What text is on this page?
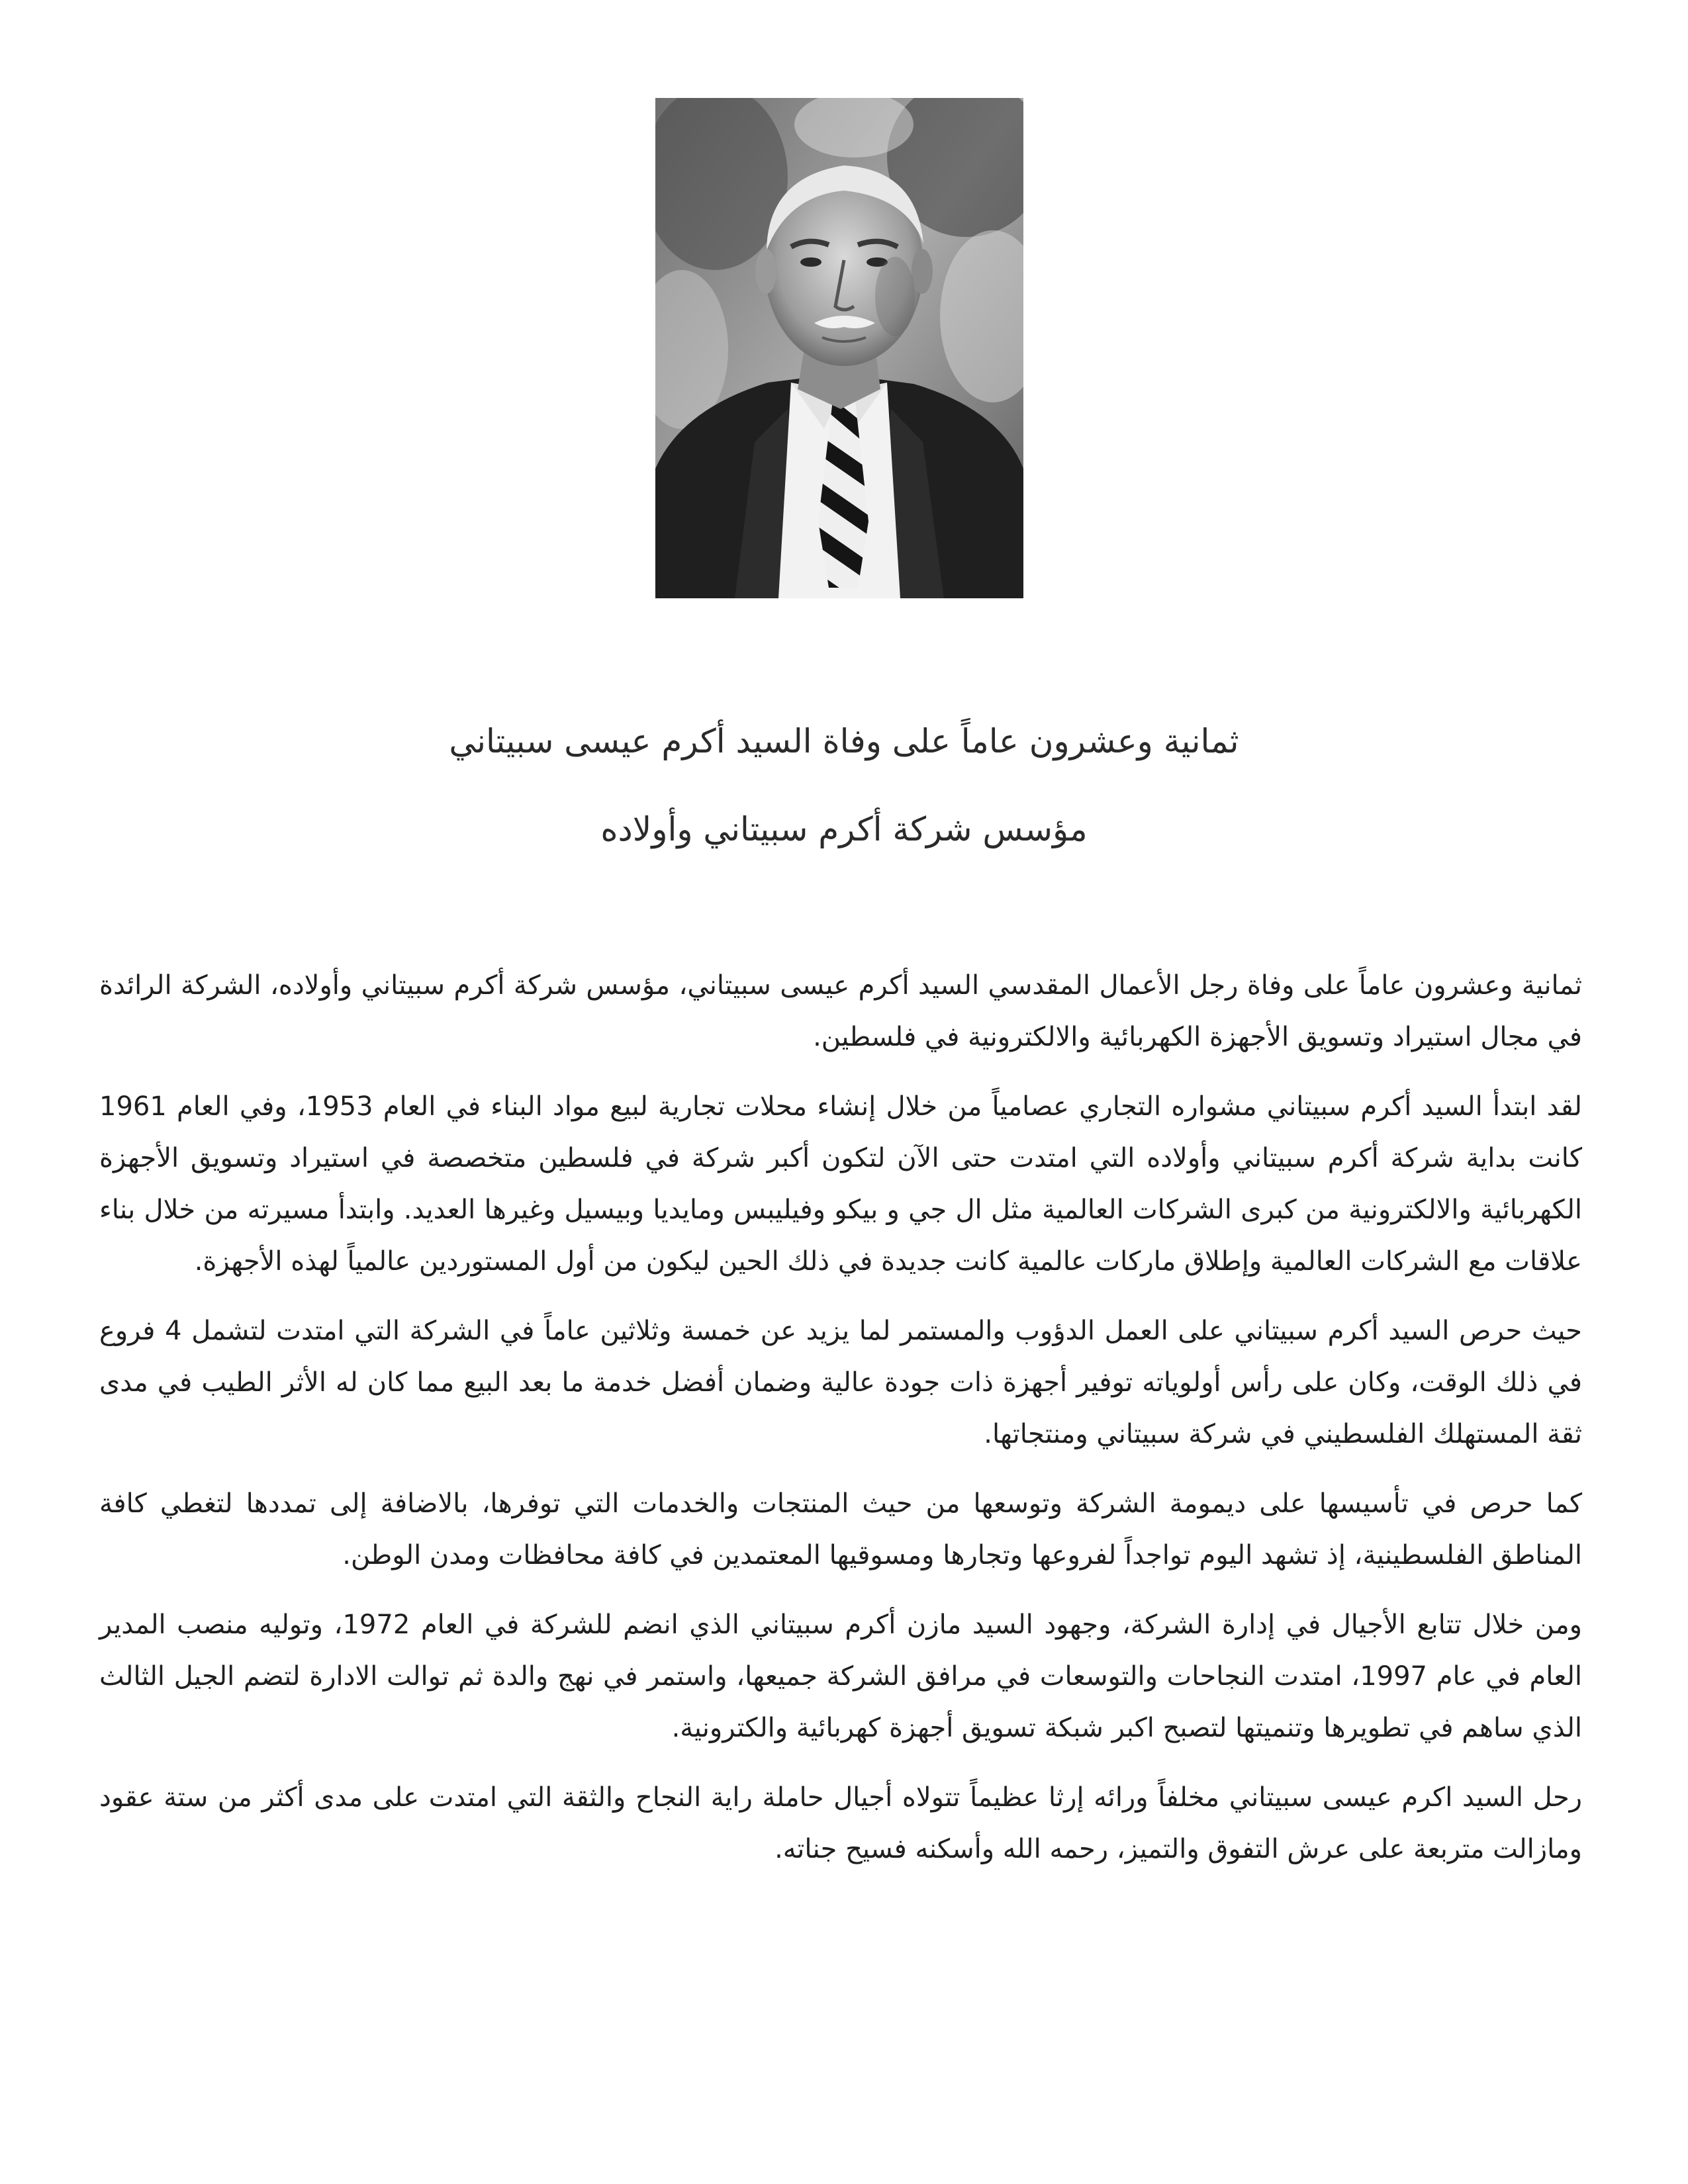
ثمانية وعشرون عاماً على وفاة السيد أكرم عيسى سبيتاني
مؤسس شركة أكرم سبيتاني وأولاده

ثمانية وعشرون عاماً على وفاة رجل الأعمال المقدسي السيد أكرم عيسى سبيتاني، مؤسس شركة أكرم سبيتاني وأولاده، الشركة الرائدة في مجال استيراد وتسويق الأجهزة الكهربائية والالكترونية في فلسطين.

لقد ابتدأ السيد أكرم سبيتاني مشواره التجاري عصامياً من خلال إنشاء محلات تجارية لبيع مواد البناء في العام 1953، وفي العام 1961 كانت بداية شركة أكرم سبيتاني وأولاده التي امتدت حتى الآن لتكون أكبر شركة في فلسطين متخصصة في استيراد وتسويق الأجهزة الكهربائية والالكترونية من كبرى الشركات العالمية مثل ال جي و بيكو وفيليبس ومايديا وبيسيل وغيرها العديد. وابتدأ مسيرته من خلال بناء علاقات مع الشركات العالمية وإطلاق ماركات عالمية كانت جديدة في ذلك الحين ليكون من أول المستوردين عالمياً لهذه الأجهزة.

حيث حرص السيد أكرم سبيتاني على العمل الدؤوب والمستمر لما يزيد عن خمسة وثلاثين عاماً في الشركة التي امتدت لتشمل 4 فروع في ذلك الوقت، وكان على رأس أولوياته توفير أجهزة ذات جودة عالية وضمان أفضل خدمة ما بعد البيع مما كان له الأثر الطيب في مدى ثقة المستهلك الفلسطيني في شركة سبيتاني ومنتجاتها.

كما حرص في تأسيسها على ديمومة الشركة وتوسعها من حيث المنتجات والخدمات التي توفرها، بالاضافة إلى تمددها لتغطي كافة المناطق الفلسطينية، إذ تشهد اليوم تواجداً لفروعها وتجارها ومسوقيها المعتمدين في كافة محافظات ومدن الوطن.

ومن خلال تتابع الأجيال في إدارة الشركة، وجهود السيد مازن أكرم سبيتاني الذي انضم للشركة في العام 1972، وتوليه منصب المدير العام في عام 1997، امتدت النجاحات والتوسعات في مرافق الشركة جميعها، واستمر في نهج والدة ثم توالت الادارة لتضم الجيل الثالث الذي ساهم في تطويرها وتنميتها لتصبح اكبر شبكة تسويق أجهزة كهربائية والكترونية.

رحل السيد اكرم عيسى سبيتاني مخلفاً ورائه إرثا عظيماً تتولاه أجيال حاملة راية النجاح والثقة التي امتدت على مدى أكثر من ستة عقود ومازالت متربعة على عرش التفوق والتميز، رحمه الله وأسكنه فسيح جناته.
